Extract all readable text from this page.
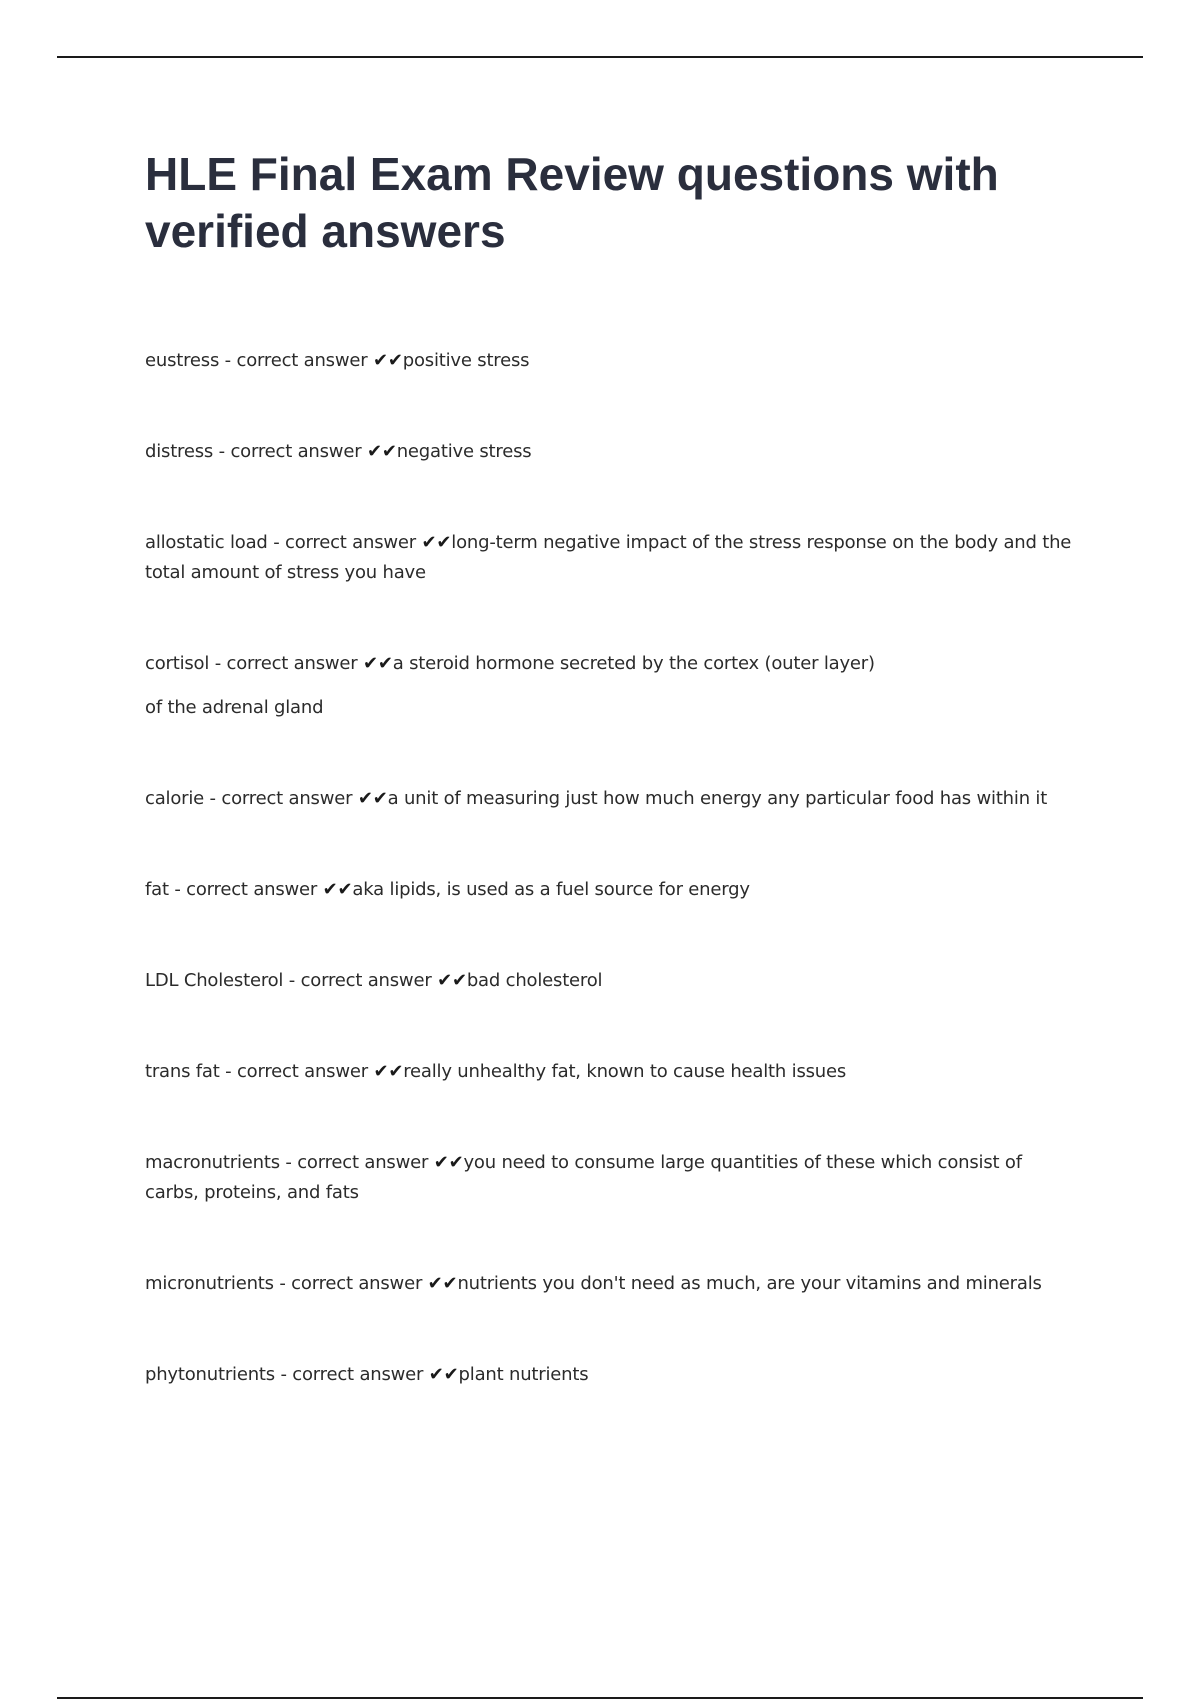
HLE Final Exam Review questions with verified answers
eustress - correct answer ✔✔positive stress
distress - correct answer ✔✔negative stress
allostatic load - correct answer ✔✔long-term negative impact of the stress response on the body and the total amount of stress you have
cortisol - correct answer ✔✔a steroid hormone secreted by the cortex (outer layer)
of the adrenal gland
calorie - correct answer ✔✔a unit of measuring just how much energy any particular food has within it
fat - correct answer ✔✔aka lipids, is used as a fuel source for energy
LDL Cholesterol - correct answer ✔✔bad cholesterol
trans fat - correct answer ✔✔really unhealthy fat, known to cause health issues
macronutrients - correct answer ✔✔you need to consume large quantities of these which consist of carbs, proteins, and fats
micronutrients - correct answer ✔✔nutrients you don't need as much, are your vitamins and minerals
phytonutrients - correct answer ✔✔plant nutrients
